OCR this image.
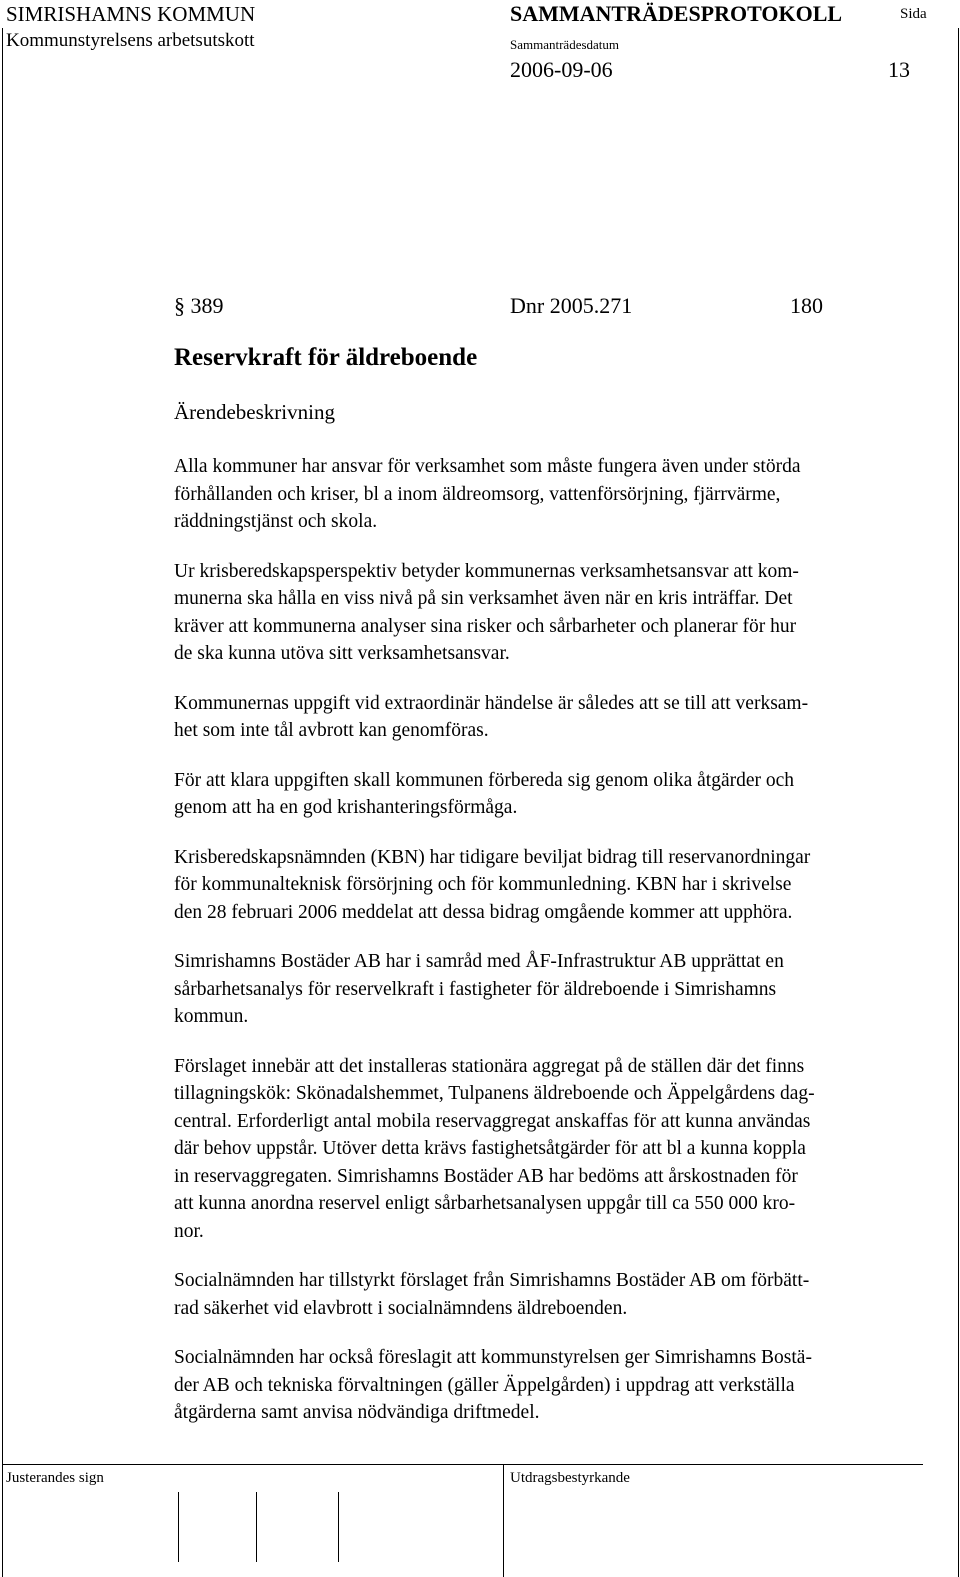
SIMRISHAMNS KOMMUN
Kommunstyrelsens arbetsutskott
SAMMANTRÄDESPROTOKOLL	Sida
Sammanträdesdatum
2006-09-06	13
§ 389	Dnr 2005.271	180
Reservkraft för äldreboende
Ärendebeskrivning

Alla kommuner har ansvar för verksamhet som måste fungera även under störda
förhållanden och kriser, bl a inom äldreomsorg, vattenförsörjning, fjärrvärme,
räddningstjänst och skola.

Ur krisberedskapsperspektiv betyder kommunernas verksamhetsansvar att kom-
munerna ska hålla en viss nivå på sin verksamhet även när en kris inträffar. Det
kräver att kommunerna analyser sina risker och sårbarheter och planerar för hur
de ska kunna utöva sitt verksamhetsansvar.

Kommunernas uppgift vid extraordinär händelse är således att se till att verksam-
het som inte tål avbrott kan genomföras.

För att klara uppgiften skall kommunen förbereda sig genom olika åtgärder och
genom att ha en god krishanteringsförmåga.

Krisberedskapsnämnden (KBN) har tidigare beviljat bidrag till reservanordningar
för kommunalteknisk försörjning och för kommunledning. KBN har i skrivelse
den 28 februari 2006 meddelat att dessa bidrag omgående kommer att upphöra.

Simrishamns Bostäder AB har i samråd med ÅF-Infrastruktur AB upprättat en
sårbarhetsanalys för reservelkraft i fastigheter för äldreboende i Simrishamns
kommun.

Förslaget innebär att det installeras stationära aggregat på de ställen där det finns
tillagningskök: Skönadalshemmet, Tulpanens äldreboende och Äppelgårdens dag-
central. Erforderligt antal mobila reservaggregat anskaffas för att kunna användas
där behov uppstår. Utöver detta krävs fastighetsåtgärder för att bl a kunna koppla
in reservaggregaten. Simrishamns Bostäder AB har bedöms att årskostnaden för
att kunna anordna reservel enligt sårbarhetsanalysen uppgår till ca 550 000 kro-
nor.

Socialnämnden har tillstyrkt förslaget från Simrishamns Bostäder AB om förbätt-
rad säkerhet vid elavbrott i socialnämndens äldreboenden.

Socialnämnden har också föreslagit att kommunstyrelsen ger Simrishamns Bostä-
der AB och tekniska förvaltningen (gäller Äppelgården) i uppdrag att verkställa
åtgärderna samt anvisa nödvändiga driftmedel.

Justerandes sign	Utdragsbestyrkande
